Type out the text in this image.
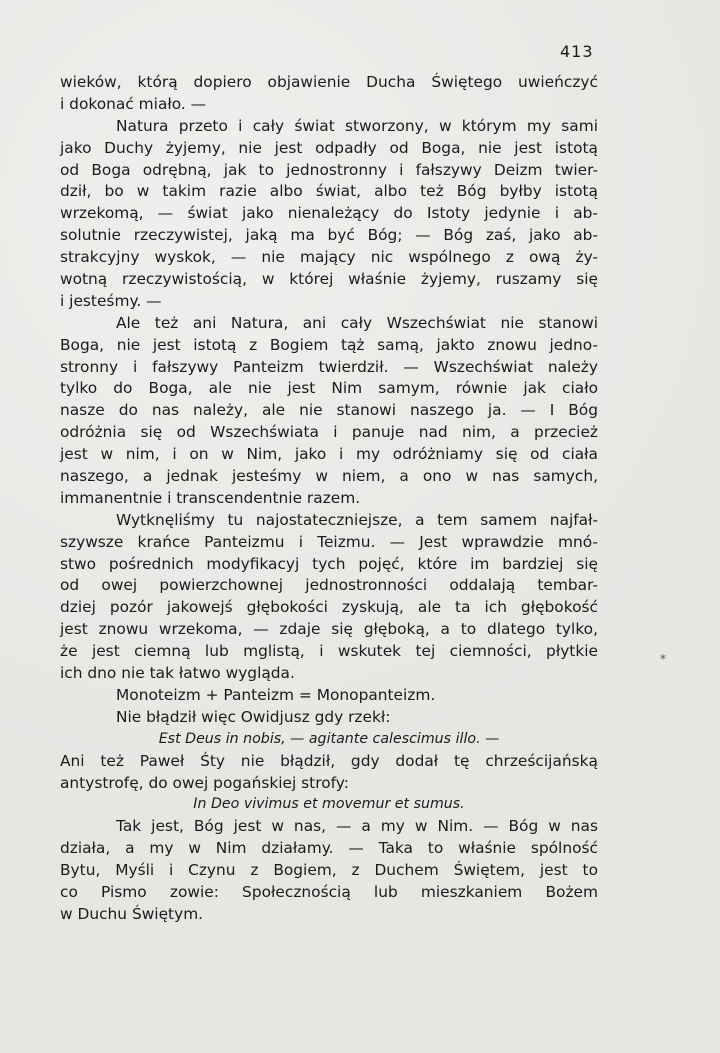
413
wieków, którą dopiero objawienie Ducha Świętego uwieńczyć
i dokonać miało. —
Natura przeto i cały świat stworzony, w którym my sami
jako Duchy żyjemy, nie jest odpadły od Boga, nie jest istotą
od Boga odrębną, jak to jednostronny i fałszywy Deizm twier-
dził, bo w takim razie albo świat, albo też Bóg byłby istotą
wrzekomą, — świat jako nienależący do Istoty jedynie i ab-
solutnie rzeczywistej, jaką ma być Bóg; — Bóg zaś, jako ab-
strakcyjny wyskok, — nie mający nic wspólnego z ową ży-
wotną rzeczywistością, w której właśnie żyjemy, ruszamy się
i jesteśmy. —
Ale też ani Natura, ani cały Wszechświat nie stanowi
Boga, nie jest istotą z Bogiem tąż samą, jakto znowu jedno-
stronny i fałszywy Panteizm twierdził. — Wszechświat należy
tylko do Boga, ale nie jest Nim samym, równie jak ciało
nasze do nas należy, ale nie stanowi naszego ja. — I Bóg
odróżnia się od Wszechświata i panuje nad nim, a przecież
jest w nim, i on w Nim, jako i my odróżniamy się od ciała
naszego, a jednak jesteśmy w niem, a ono w nas samych,
immanentnie i transcendentnie razem.
Wytknęliśmy tu najostateczniejsze, a tem samem najfał-
szywsze krańce Panteizmu i Teizmu. — Jest wprawdzie mnó-
stwo pośrednich modyfikacyj tych pojęć, które im bardziej się
od owej powierzchownej jednostronności oddalają tembar-
dziej pozór jakowejś głębokości zyskują, ale ta ich głębokość
jest znowu wrzekoma, — zdaje się głęboką, a to dlatego tylko,
że jest ciemną lub mglistą, i wskutek tej ciemności, płytkie
ich dno nie tak łatwo wygląda.
Monoteizm + Panteizm = Monopanteizm.
Nie błądził więc Owidjusz gdy rzekł:
Est Deus in nobis, — agitante calescimus illo. —
Ani też Paweł Śty nie błądził, gdy dodał tę chrześcijańską
antystrofę, do owej pogańskiej strofy:
In Deo vivimus et movemur et sumus.
Tak jest, Bóg jest w nas, — a my w Nim. — Bóg w nas
działa, a my w Nim działamy. — Taka to właśnie spólność
Bytu, Myśli i Czynu z Bogiem, z Duchem Świętem, jest to
co Pismo zowie: Społecznością lub mieszkaniem Bożem
w Duchu Świętym.
*
